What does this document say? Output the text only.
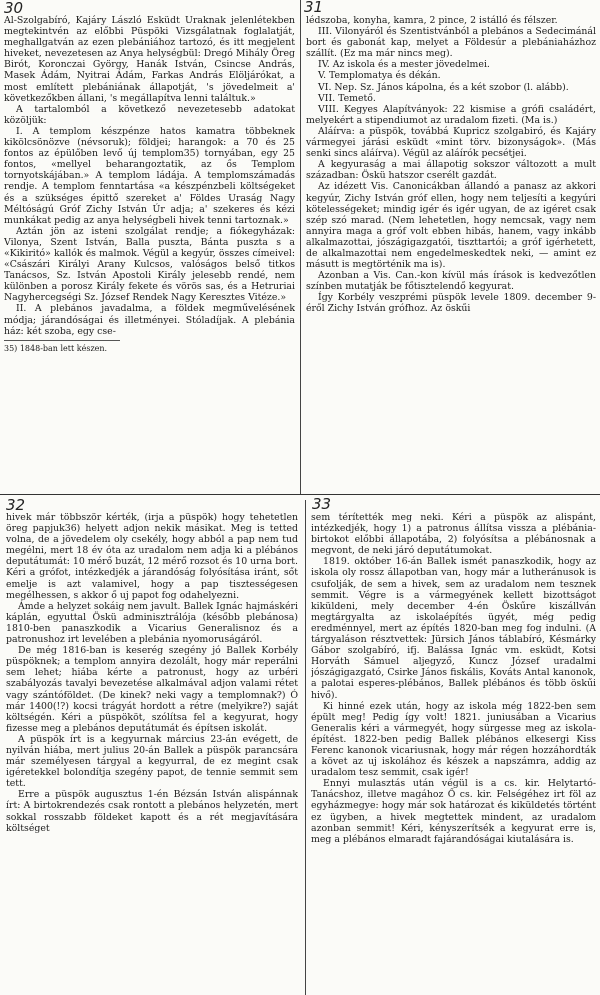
30	31
32	33

Al-Szolgabíró, Kajáry László Esküdt Uraknak jelenlétekben megtekintvén az előbbi Püspöki Vizsgálatnak foglalatját, meghallgatván az ezen plebániához tartozó, és itt megjelent hiveket, nevezetesen az Anya helységbül: Dregó Mihály Öreg Birót, Koronczai György, Hanák István, Csincse András, Masek Ádám, Nyitrai Ádám, Farkas András Elöljárókat, a most említett plebániának állapotját, 's jövedelmeit a' következőkben állani, 's megállapítva lenni találtuk.»

A tartalomból a következő nevezetesebb adatokat közöljük:

I. A templom készpénze hatos kamatra többeknek kikölcsönözve (névsoruk); földjei; harangok: a 70 és 25 fontos az épülőben levő új templom35) tornyában, egy 25 fontos, «mellyel beharangoztatik, az ős Templom tornyotskájában.» A templom ládája. A templomszámadás rendje. A templom fenntartása «a készpénzbeli költségeket és a szükséges épittő szereket a' Földes Uraság Nagy Méltóságú Gróf Zichy István Úr adja; a' szekeres és kézi munkákat pedig az anya helységbeli hivek tenni tartoznak.»

Aztán jön az isteni szolgálat rendje; a fiókegyházak: Vilonya, Szent István, Balla puszta, Bánta puszta s a «Kikiritó» kallók és malmok. Végül a kegyúr, összes címeivel: «Császári Királyi Arany Kulcsos, valóságos belső titkos Tanácsos, Sz. István Apostoli Király jelesebb rendé, nem különben a porosz Király fekete és vörös sas, és a Hetruriai Nagyhercegségi Sz. József Rendek Nagy Keresztes Vitéze.»

II. A plebános javadalma, a földek megművelésének módja; járandóságai és illetményei. Stóladíjak. A plebánia ház: két szoba, egy cse-

35) 1848-ban lett készen.

lédszoba, konyha, kamra, 2 pince, 2 istálló és félszer.

III. Vilonyáról és Szentistvánból a plebános a Sedecimánál bort és gabonát kap, melyet a Földesúr a plebániaházhoz szállít. (Ez ma már nincs meg).

IV. Az iskola és a mester jövedelmei.

V. Templomatya és dékán.

VI. Nep. Sz. János kápolna, és a két szobor (l. alább).

VII. Temető.

VIII. Kegyes Alapítványok: 22 kismise a grófi családért, melyekért a stipendiumot az uradalom fizeti. (Ma is.)

Aláírva: a püspök, továbbá Kupricz szolgabiró, és Kajáry vármegyei járási esküdt «mint törv. bizonyságok». (Más senki sincs aláírva). Végül az aláírók pecsétjei.

A kegyuraság a mai állapotig sokszor változott a mult században: Öskü hatszor cserélt gazdát.

Az idézett Vis. Canonicákban állandó a panasz az akkori kegyúr, Zichy István gróf ellen, hogy nem teljesíti a kegyúri kötelességeket; mindig igér és igér ugyan, de az igéret csak szép szó marad. (Nem lehetetlen, hogy nemcsak, vagy nem annyira maga a gróf volt ebben hibás, hanem, vagy inkább alkalmazottai, jószágigazgatói, tiszttartói; a gróf igérhetett, de alkalmazottai nem engedelmeskedtek neki, — amint ez másutt is megtörténik ma is).

Azonban a Vis. Can.-kon kívül más írások is kedvezőtlen színben mutatják be főtisztelendő kegyurat.

Így Korbély veszprémi püspök levele 1809. december 9-éről Zichy István grófhoz. Az öskűi

hivek már többször kérték, (irja a püspök) hogy tehetetlen öreg papjuk36) helyett adjon nekik másikat. Meg is tetted volna, de a jövedelem oly csekély, hogy abból a pap nem tud megélni, mert 18 év óta az uradalom nem adja ki a plébános deputátumát: 10 mérő buzát, 12 mérő rozsot és 10 urna bort. Kéri a grófot, intézkedjék a járandóság folyósítása iránt, sőt emelje is azt valamivel, hogy a pap tisztességesen megélhessen, s akkor ő uj papot fog odahelyezni.

Ámde a helyzet sokáig nem javult. Ballek Ignác hajmáskéri káplán, egyuttal Öskü adminisztrálója (később plebánosa) 1810-ben panaszkodik a Vicarius Generalisnoz és a patronushoz irt levelében a plebánia nyomoruságáról.

De még 1816-ban is keserég szegény jó Ballek Korbély püspöknek; a templom annyira dezolált, hogy már reperálni sem lehet; hiába kérte a patronust, hogy az urbéri szabályozás tavalyi bevezetése alkalmával adjon valami rétet vagy szántóföldet. (De kinek? neki vagy a templomnak?) Ó már 1400(!?) kocsi trágyát hordott a rétre (melyikre?) saját költségén. Kéri a püspököt, szólítsa fel a kegyurat, hogy fizesse meg a plebános deputátumát és építsen iskolát.

A püspök írt is a kegyurnak március 23-án evégett, de nyilván hiába, mert julius 20-án Ballek a püspök parancsára már személyesen tárgyal a kegyurral, de ez megint csak igéretekkel bolondítja szegény papot, de tennie semmit sem tett.

Erre a püspök augusztus 1-én Bézsán István alispánnak írt: A birtokrendezés csak rontott a plebános helyzetén, mert sokkal rosszabb földeket kapott és a rét megjavítására költséget

sem térítették meg neki. Kéri a püspök az alispánt, intézkedjék, hogy 1) a patronus állítsa vissza a plébánia-birtokot előbbi állapotába, 2) folyósítsa a plébánosnak a megvont, de neki járó deputátumokat.

1819. október 16-án Ballek ismét panaszkodik, hogy az iskola oly rossz állapotban van, hogy már a lutheránusok is csufolják, de sem a hivek, sem az uradalom nem tesznek semmit. Végre is a vármegyének kellett bizottságot kiküldeni, mely december 4-én Öskűre kiszállván megtárgyalta az iskolaépítés ügyét, még pedig eredménnyel, mert az építés 1820-ban meg fog indulni. (A tárgyaláson résztvettek: Jürsich János táblabíró, Késmárky Gábor szolgabíró, ifj. Balássa Ignác vm. esküdt, Kotsi Horváth Sámuel aljegyző, Kuncz József uradalmi jószágigazgató, Csirke János fiskális, Kováts Antal kanonok, a palotai esperes-plébános, Ballek plébános és több öskűi hivő).

Ki hinné ezek után, hogy az iskola még 1822-ben sem épült meg! Pedig így volt! 1821. juniusában a Vicarius Generalis kéri a vármegyét, hogy sürgesse meg az iskola-építést. 1822-ben pedig Ballek plébános elkesergi Kiss Ferenc kanonok vicariusnak, hogy már régen hozzáhordták a követ az uj iskolához és készek a napszámra, addig az uradalom tesz semmit, csak igér!

Ennyi mulasztás után végül is a cs. kir. Helytartó-Tanácshoz, illetve magához Ő cs. kir. Felségéhez irt föl az egyházmegye: hogy már sok határozat és kiküldetés történt ez ügyben, a hivek megtettek mindent, az uradalom azonban semmit! Kéri, kényszerítsék a kegyurat erre is, meg a plébános elmaradt fajárandóságai kiutalására is.
